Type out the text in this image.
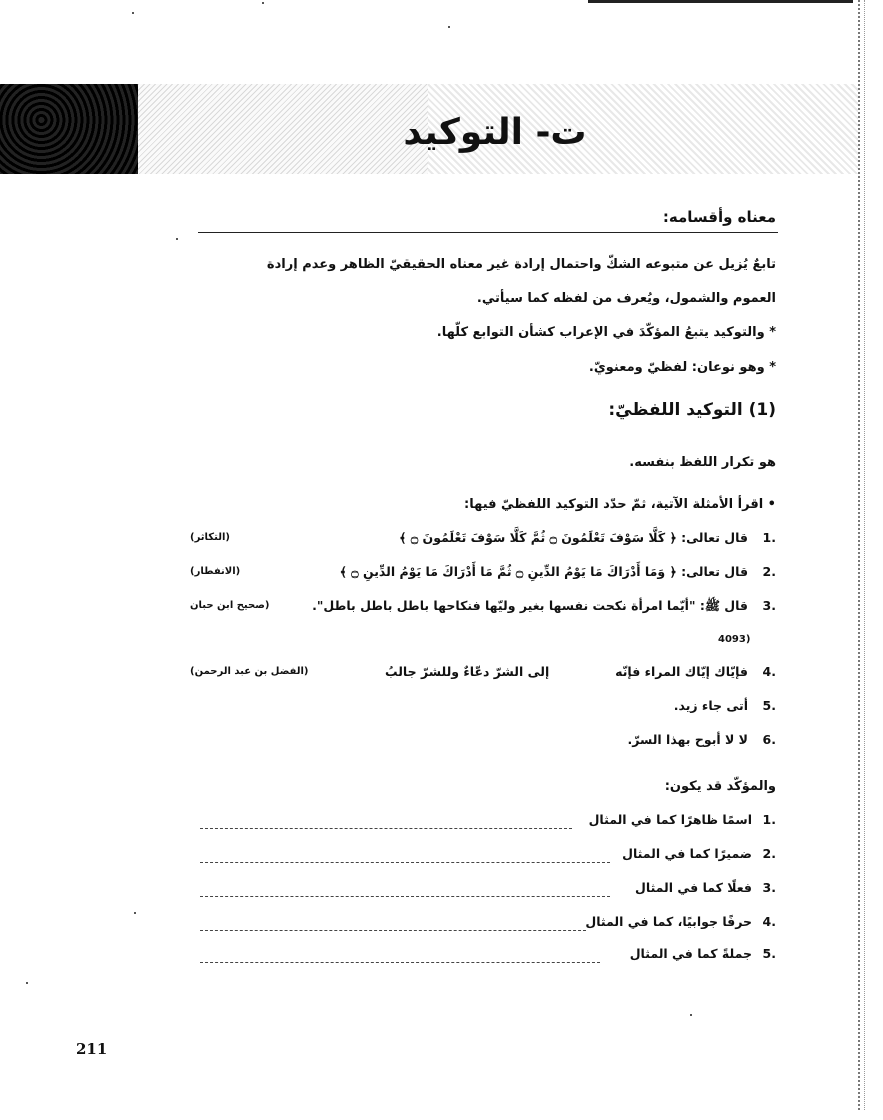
ت- التوكيد
معناه وأقسامه:
تابعٌ يُزيل عن متبوعه الشكّ واحتمال إرادة غير معناه الحقيقيّ الظاهر وعدم إرادة
العموم والشمول، ويُعرف من لفظه كما سيأتي.
* والتوكيد يتبعُ المؤكّدَ في الإعراب كشأن التوابع كلّها.
* وهو نوعان: لفظيّ ومعنويّ.
(1) التوكيد اللفظيّ:
هو تكرار اللفظ بنفسه.
• اقرأ الأمثلة الآتية، ثمّ حدّد التوكيد اللفظيّ فيها:
1.
قال تعالى: ﴿ كَلَّا سَوْفَ تَعْلَمُونَ ۝ ثُمَّ كَلَّا سَوْفَ تَعْلَمُونَ ۝ ﴾
(التكاثر)
2.
قال تعالى: ﴿ وَمَا أَدْرَاكَ مَا يَوْمُ الدِّينِ ۝ ثُمَّ مَا أَدْرَاكَ مَا يَوْمُ الدِّينِ ۝ ﴾
(الانفطار)
3.
قال ﷺ: "أيّما امرأة نكحت نفسها بغير وليّها فنكاحها باطل باطل باطل".
(صحيح ابن حبان
4093)
4.
فإيّاك إيّاك المراء فإنّه
إلى الشرّ دعّاءٌ وللشرّ جالبُ
(الفضل بن عبد الرحمن)
5.
أتى جاء زيد.
6.
لا لا أبوح بهذا السرّ.
والمؤكّد قد يكون:
1.
اسمًا ظاهرًا كما في المثال
2.
ضميرًا كما في المثال
3.
فعلًا كما في المثال
4.
حرفًا جوابيًا، كما في المثال
5.
جملةً كما في المثال
211
